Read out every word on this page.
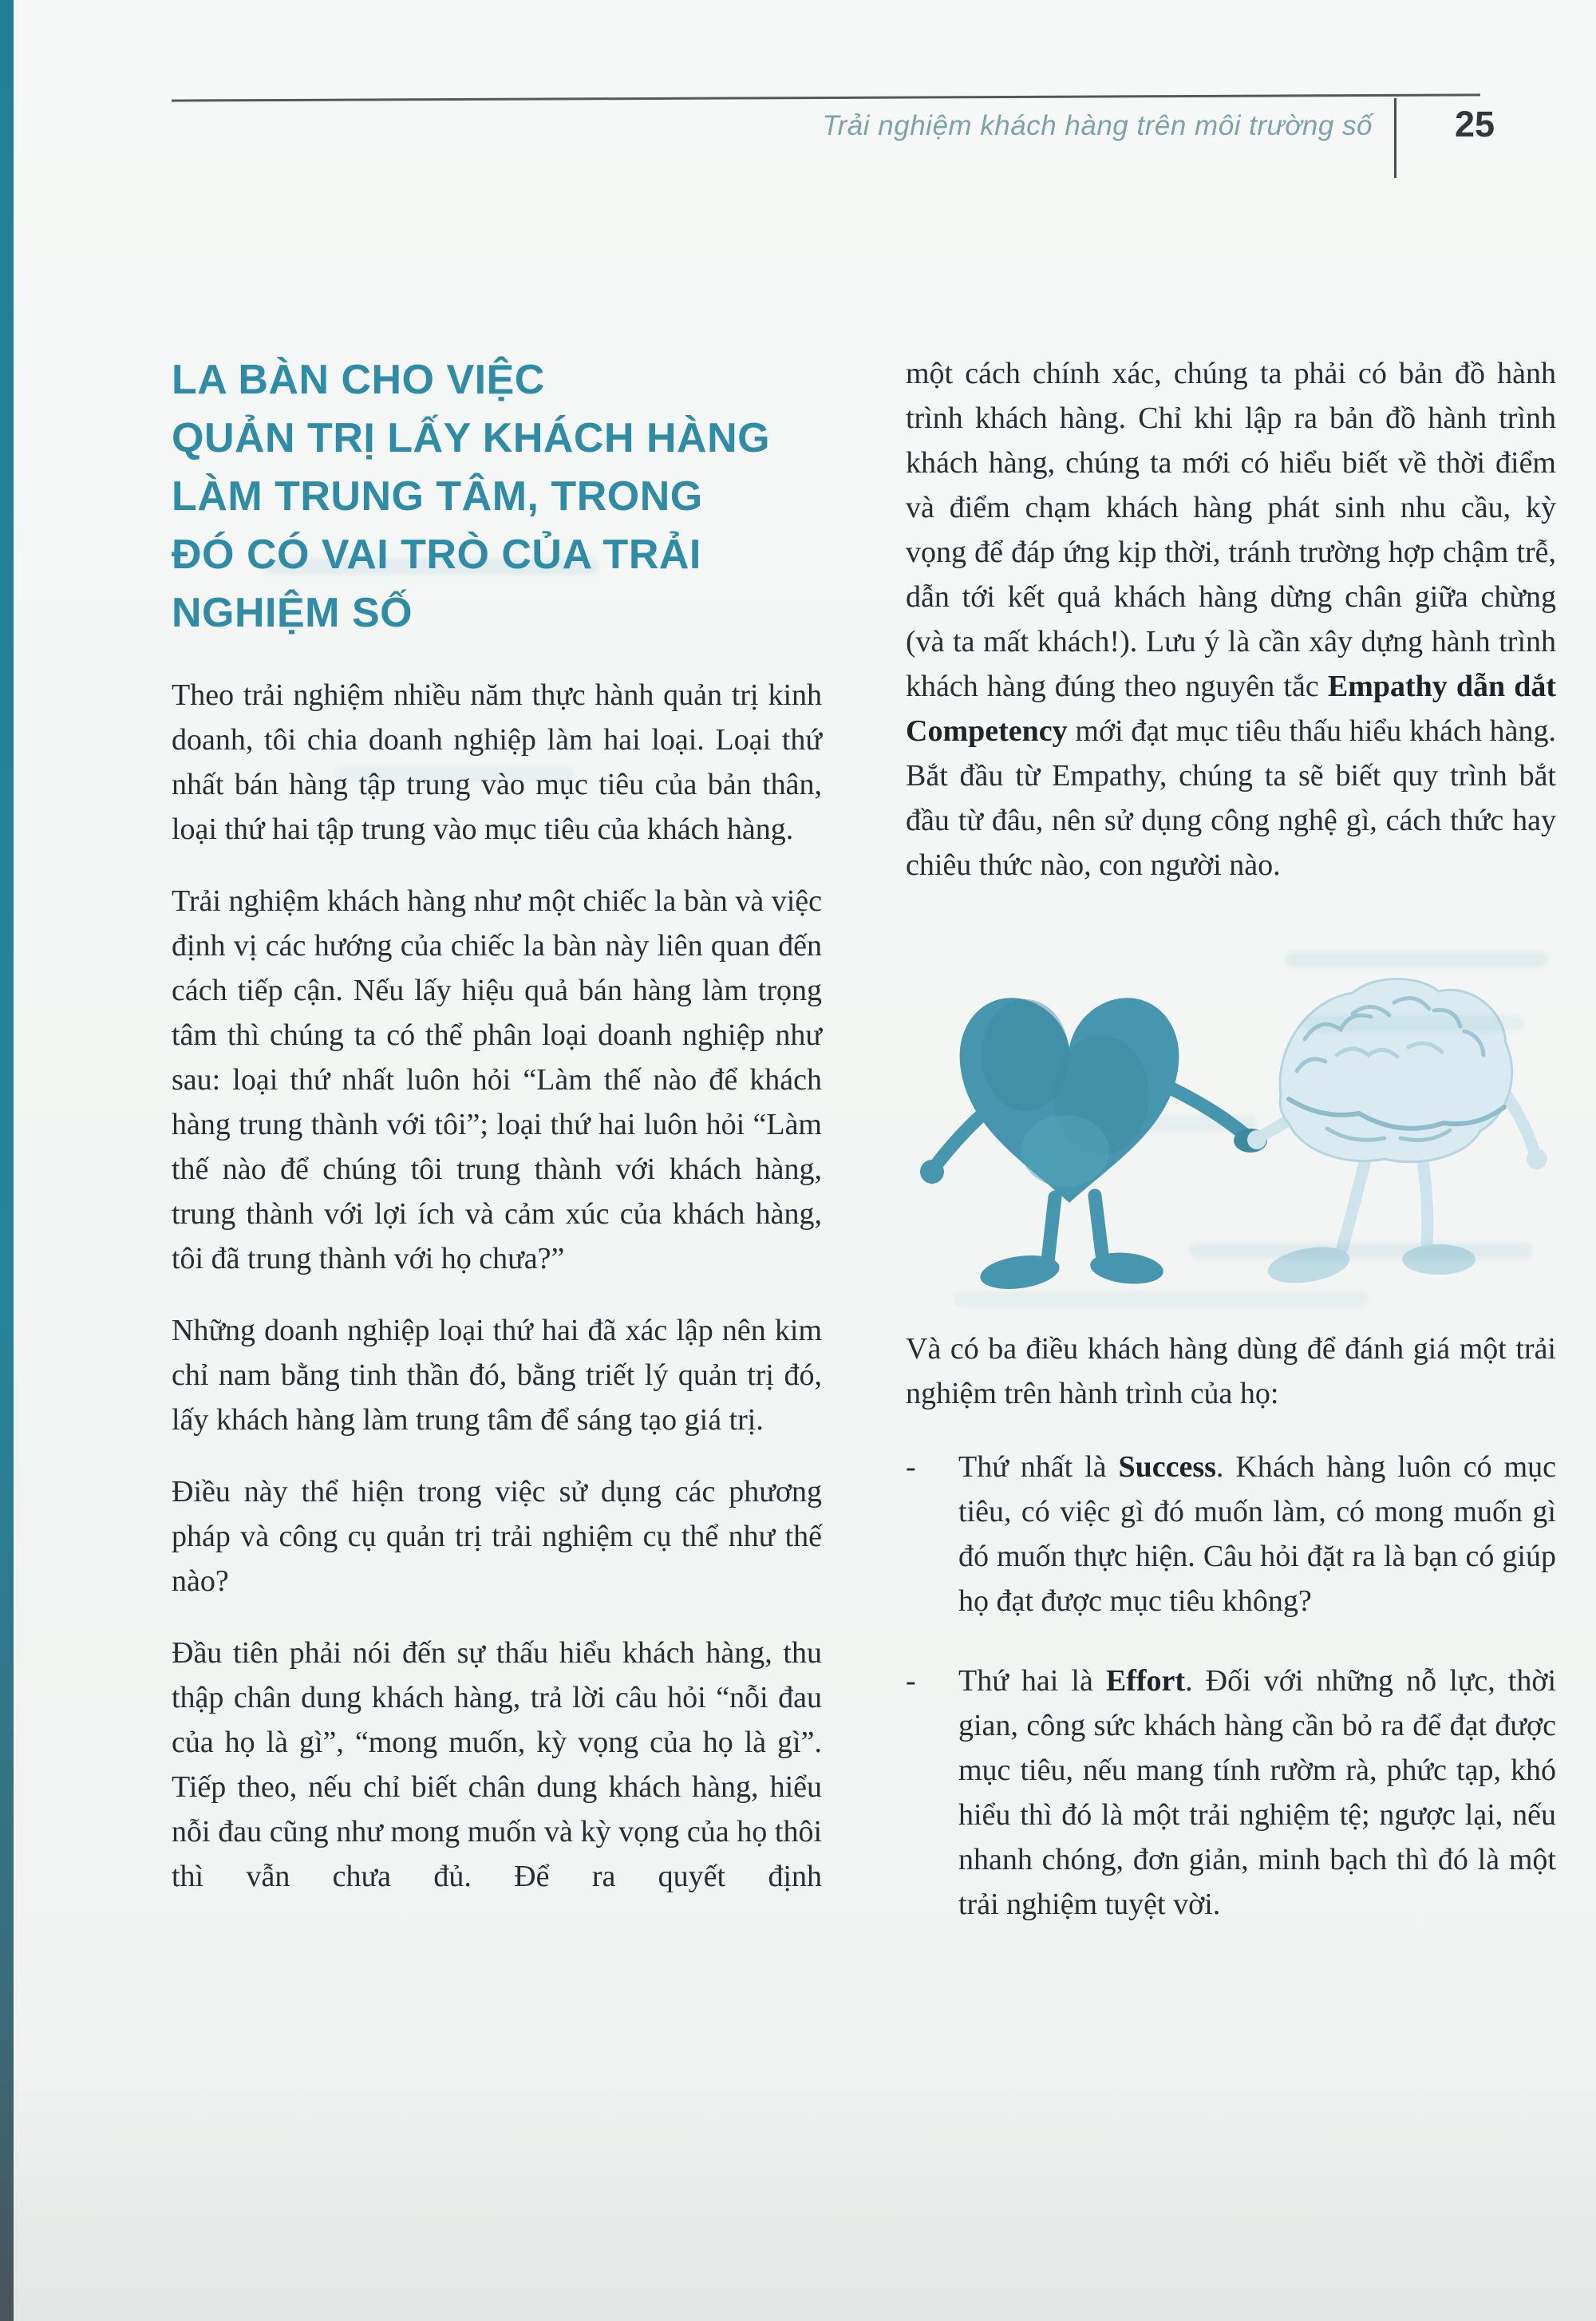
Trải nghiệm khách hàng trên môi trường số	25
LA BÀN CHO VIỆC
QUẢN TRỊ LẤY KHÁCH HÀNG
LÀM TRUNG TÂM, TRONG
ĐÓ CÓ VAI TRÒ CỦA TRẢI
NGHIỆM SỐ

Theo trải nghiệm nhiều năm thực hành quản trị kinh doanh, tôi chia doanh nghiệp làm hai loại. Loại thứ nhất bán hàng tập trung vào mục tiêu của bản thân, loại thứ hai tập trung vào mục tiêu của khách hàng.

Trải nghiệm khách hàng như một chiếc la bàn và việc định vị các hướng của chiếc la bàn này liên quan đến cách tiếp cận. Nếu lấy hiệu quả bán hàng làm trọng tâm thì chúng ta có thể phân loại doanh nghiệp như sau: loại thứ nhất luôn hỏi “Làm thế nào để khách hàng trung thành với tôi”; loại thứ hai luôn hỏi “Làm thế nào để chúng tôi trung thành với khách hàng, trung thành với lợi ích và cảm xúc của khách hàng, tôi đã trung thành với họ chưa?”

Những doanh nghiệp loại thứ hai đã xác lập nên kim chỉ nam bằng tinh thần đó, bằng triết lý quản trị đó, lấy khách hàng làm trung tâm để sáng tạo giá trị.

Điều này thể hiện trong việc sử dụng các phương pháp và công cụ quản trị trải nghiệm cụ thể như thế nào?

Đầu tiên phải nói đến sự thấu hiểu khách hàng, thu thập chân dung khách hàng, trả lời câu hỏi “nỗi đau của họ là gì”, “mong muốn, kỳ vọng của họ là gì”. Tiếp theo, nếu chỉ biết chân dung khách hàng, hiểu nỗi đau cũng như mong muốn và kỳ vọng của họ thôi thì vẫn chưa đủ. Để ra quyết định

một cách chính xác, chúng ta phải có bản đồ hành trình khách hàng. Chỉ khi lập ra bản đồ hành trình khách hàng, chúng ta mới có hiểu biết về thời điểm và điểm chạm khách hàng phát sinh nhu cầu, kỳ vọng để đáp ứng kịp thời, tránh trường hợp chậm trễ, dẫn tới kết quả khách hàng dừng chân giữa chừng (và ta mất khách!). Lưu ý là cần xây dựng hành trình khách hàng đúng theo nguyên tắc Empathy dẫn dắt Competency mới đạt mục tiêu thấu hiểu khách hàng. Bắt đầu từ Empathy, chúng ta sẽ biết quy trình bắt đầu từ đâu, nên sử dụng công nghệ gì, cách thức hay chiêu thức nào, con người nào.

Và có ba điều khách hàng dùng để đánh giá một trải nghiệm trên hành trình của họ:

-	Thứ nhất là Success. Khách hàng luôn có mục tiêu, có việc gì đó muốn làm, có mong muốn gì đó muốn thực hiện. Câu hỏi đặt ra là bạn có giúp họ đạt được mục tiêu không?

-	Thứ hai là Effort. Đối với những nỗ lực, thời gian, công sức khách hàng cần bỏ ra để đạt được mục tiêu, nếu mang tính rườm rà, phức tạp, khó hiểu thì đó là một trải nghiệm tệ; ngược lại, nếu nhanh chóng, đơn giản, minh bạch thì đó là một trải nghiệm tuyệt vời.
